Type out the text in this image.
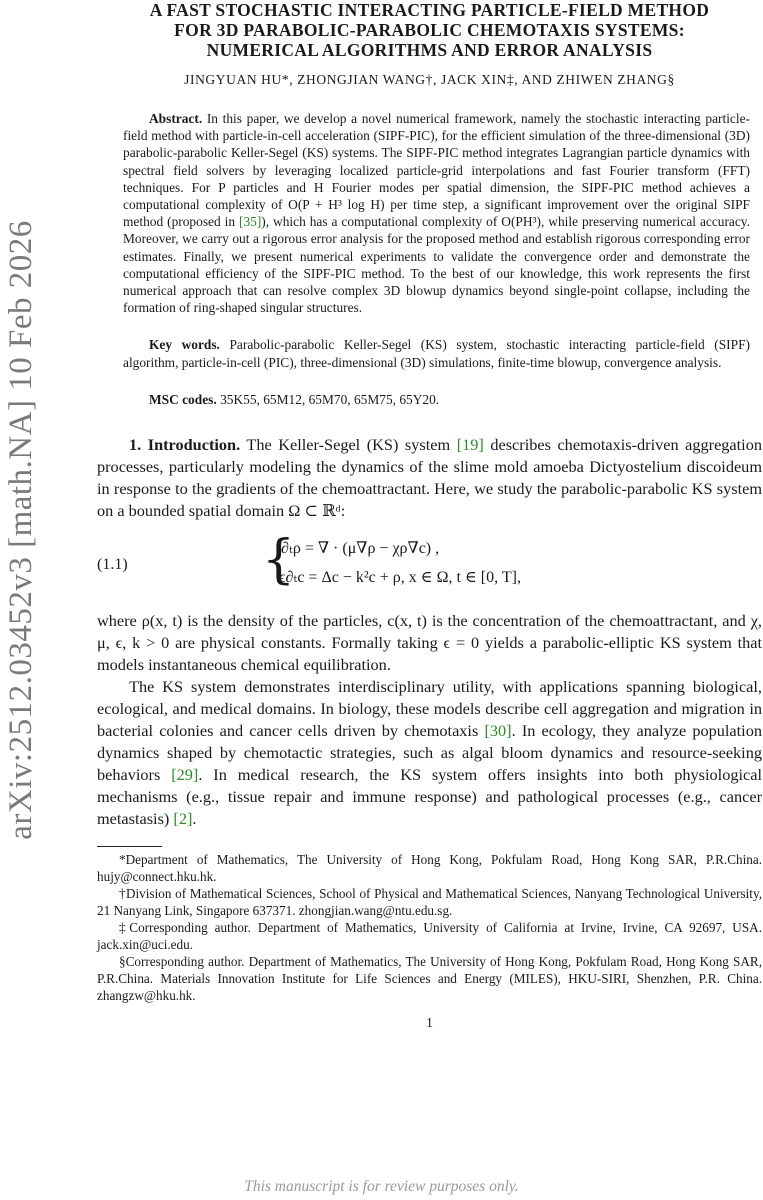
arXiv:2512.03452v3 [math.NA] 10 Feb 2026
A FAST STOCHASTIC INTERACTING PARTICLE-FIELD METHOD
FOR 3D PARABOLIC-PARABOLIC CHEMOTAXIS SYSTEMS:
NUMERICAL ALGORITHMS AND ERROR ANALYSIS
JINGYUAN HU*, ZHONGJIAN WANG†, JACK XIN‡, AND ZHIWEN ZHANG§
Abstract. In this paper, we develop a novel numerical framework, namely the stochastic interacting particle-field method with particle-in-cell acceleration (SIPF-PIC), for the efficient simulation of the three-dimensional (3D) parabolic-parabolic Keller-Segel (KS) systems. The SIPF-PIC method integrates Lagrangian particle dynamics with spectral field solvers by leveraging localized particle-grid interpolations and fast Fourier transform (FFT) techniques. For P particles and H Fourier modes per spatial dimension, the SIPF-PIC method achieves a computational complexity of O(P + H³ log H) per time step, a significant improvement over the original SIPF method (proposed in [35]), which has a computational complexity of O(PH³), while preserving numerical accuracy. Moreover, we carry out a rigorous error analysis for the proposed method and establish rigorous corresponding error estimates. Finally, we present numerical experiments to validate the convergence order and demonstrate the computational efficiency of the SIPF-PIC method. To the best of our knowledge, this work represents the first numerical approach that can resolve complex 3D blowup dynamics beyond single-point collapse, including the formation of ring-shaped singular structures.
Key words. Parabolic-parabolic Keller-Segel (KS) system, stochastic interacting particle-field (SIPF) algorithm, particle-in-cell (PIC), three-dimensional (3D) simulations, finite-time blowup, convergence analysis.
MSC codes. 35K55, 65M12, 65M70, 65M75, 65Y20.

1. Introduction. The Keller-Segel (KS) system [19] describes chemotaxis-driven aggregation processes, particularly modeling the dynamics of the slime mold amoeba Dictyostelium discoideum in response to the gradients of the chemoattractant. Here, we study the parabolic-parabolic KS system on a bounded spatial domain Ω ⊂ ℝᵈ:

(1.1)	{
∂ₜρ = ∇ · (μ∇ρ − χρ∇c) ,
ϵ∂ₜc = Δc − k²c + ρ, x ∈ Ω, t ∈ [0, T],

where ρ(x, t) is the density of the particles, c(x, t) is the concentration of the chemoattractant, and χ, μ, ϵ, k > 0 are physical constants. Formally taking ϵ = 0 yields a parabolic-elliptic KS system that models instantaneous chemical equilibration.

The KS system demonstrates interdisciplinary utility, with applications spanning biological, ecological, and medical domains. In biology, these models describe cell aggregation and migration in bacterial colonies and cancer cells driven by chemotaxis [30]. In ecology, they analyze population dynamics shaped by chemotactic strategies, such as algal bloom dynamics and resource-seeking behaviors [29]. In medical research, the KS system offers insights into both physiological mechanisms (e.g., tissue repair and immune response) and pathological processes (e.g., cancer metastasis) [2].

*Department of Mathematics, The University of Hong Kong, Pokfulam Road, Hong Kong SAR, P.R.China. hujy@connect.hku.hk.

†Division of Mathematical Sciences, School of Physical and Mathematical Sciences, Nanyang Technological University, 21 Nanyang Link, Singapore 637371. zhongjian.wang@ntu.edu.sg.

‡Corresponding author. Department of Mathematics, University of California at Irvine, Irvine, CA 92697, USA. jack.xin@uci.edu.

§Corresponding author. Department of Mathematics, The University of Hong Kong, Pokfulam Road, Hong Kong SAR, P.R.China. Materials Innovation Institute for Life Sciences and Energy (MILES), HKU-SIRI, Shenzhen, P.R. China. zhangzw@hku.hk.

1
This manuscript is for review purposes only.
